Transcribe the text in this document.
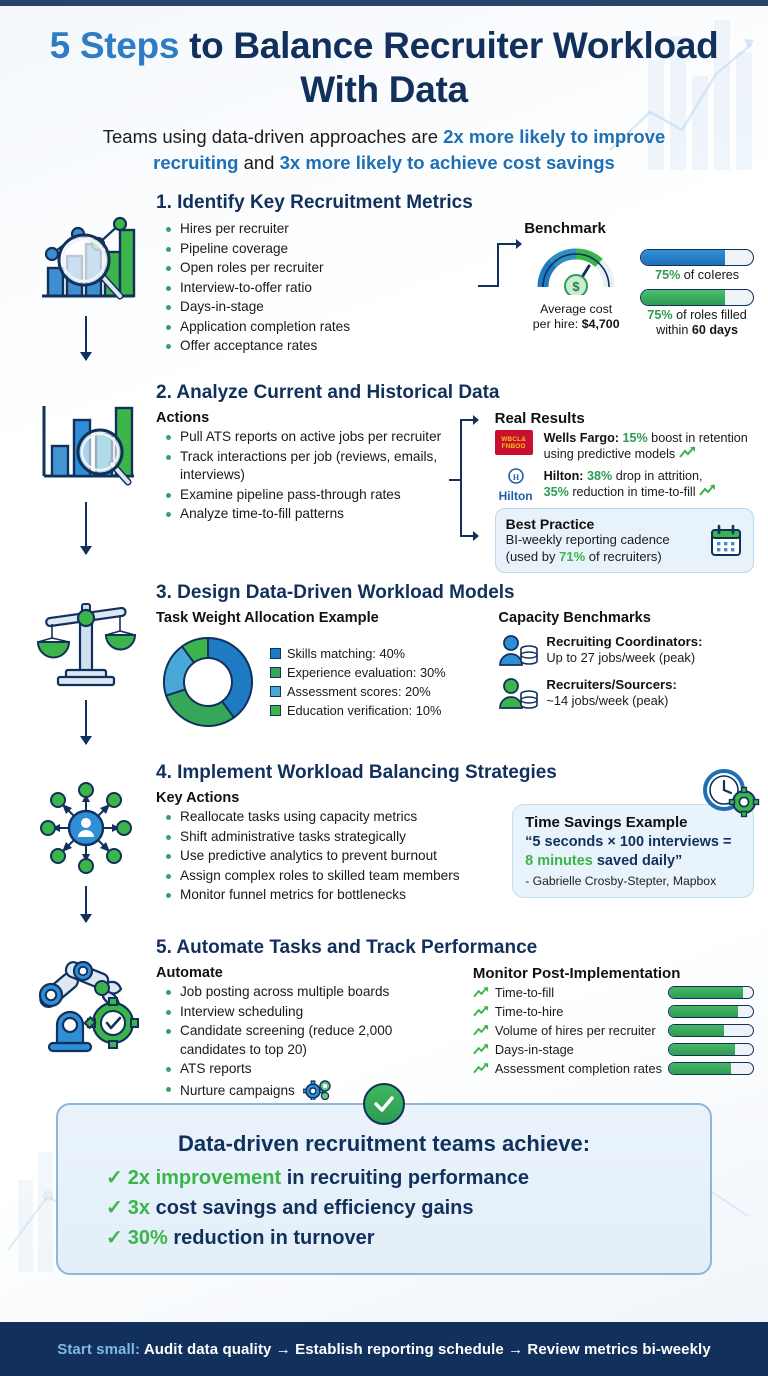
5 Steps to Balance Recruiter Workload With Data

Teams using data-driven approaches are 2x more likely to improve recruiting and 3x more likely to achieve cost savings

1. Identify Key Recruitment Metrics
Hires per recruiter
Pipeline coverage
Open roles per recruiter
Interview-to-offer ratio
Days-in-stage
Application completion rates
Offer acceptance rates
Benchmark
$
Average cost
per hire: $4,700
75% of coIeres
75% of roles filled
within 60 days
2. Analyze Current and Historical Data
Actions
Pull ATS reports on active jobs per recruiter
Track interactions per job (reviews, emails, interviews)
Examine pipeline pass-through rates
Analyze time-to-fill patterns
Real Results
WBCL&
FNBOO
Wells Fargo: 15% boost in retention using predictive models
H
Hilton
Hilton: 38% drop in attrition,
35% reduction in time-to-fill
Best Practice
BI-weekly reporting cadence
(used by 71% of recruiters)
3. Design Data-Driven Workload Models
Task Weight Allocation Example
Skills matching: 40%
Experience evaluation: 30%
Assessment scores: 20%
Education verification: 10%
Capacity Benchmarks
Recruiting Coordinators:
Up to 27 jobs/week (peak)
Recruiters/Sourcers:
~14 jobs/week (peak)
4. Implement Workload Balancing Strategies
Key Actions
Reallocate tasks using capacity metrics
Shift administrative tasks strategically
Use predictive analytics to prevent burnout
Assign complex roles to skilled team members
Monitor funnel metrics for bottlenecks
Time Savings Example
“5 seconds × 100 interviews = 8 minutes saved daily”
- Gabrielle Crosby-Stepter, Mapbox
5. Automate Tasks and Track Performance
Automate
Job posting across multiple boards
Interview scheduling
Candidate screening (reduce 2,000 candidates to top 20)
ATS reports
Nurture campaigns
Monitor Post-Implementation
Time-to-fill
Time-to-hire
Volume of hires per recruiter
Days-in-stage
Assessment completion rates
Data-driven recruitment teams achieve:
✓ 2x improvement in recruiting performance
✓ 3x cost savings and efficiency gains
✓ 30% reduction in turnover
Start small: Audit data quality → Establish reporting schedule → Review metrics bi-weekly
